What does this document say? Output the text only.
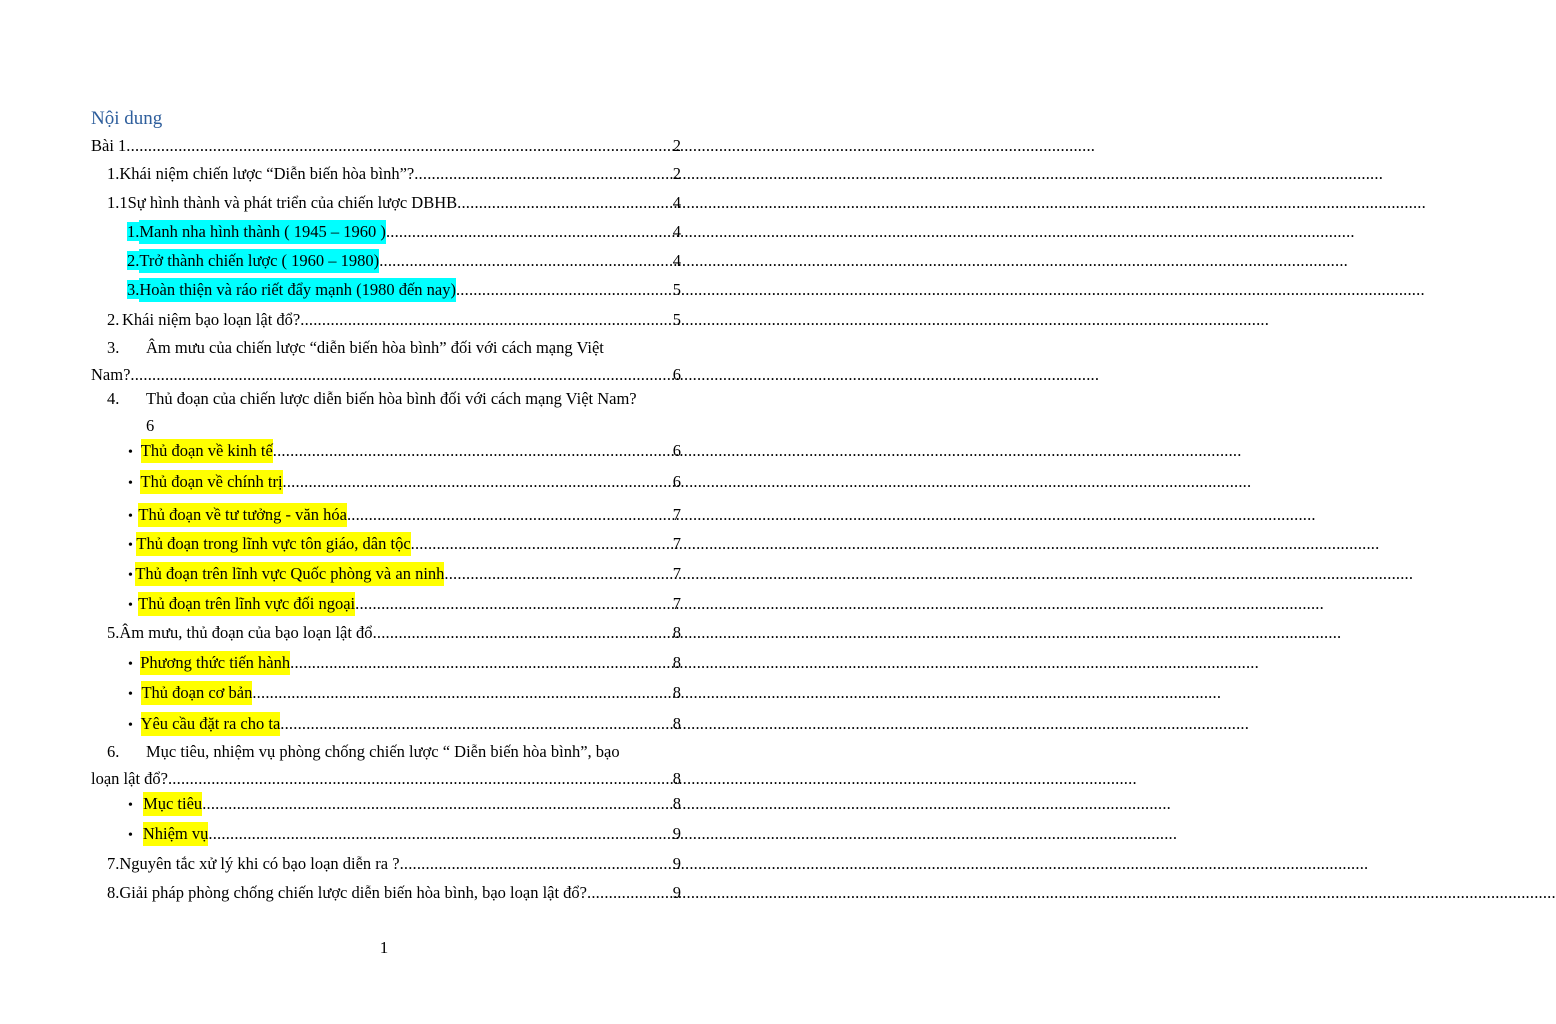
Nội dung
Bài 1 .....	2
1. Khái niệm chiến lược “Diễn biến hòa bình”? .....	2
1.1 Sự hình thành và phát triển của chiến lược DBHB .....	4
1. Manh nha hình thành ( 1945 – 1960 ) .....	4
2. Trở thành chiến lược ( 1960 – 1980) .....	4
3. Hoàn thiện và ráo riết đẩy mạnh (1980 đến nay) .....	5
2. Khái niệm bạo loạn lật đổ? .....	5
3.	Âm mưu của chiến lược “diễn biến hòa bình” đối với cách mạng Việt
Nam? .....	6
4.	Thủ đoạn của chiến lược diễn biến hòa bình đối với cách mạng Việt Nam?
6
• Thủ đoạn về kinh tế .....	6
• Thủ đoạn về chính trị .....	6
• Thủ đoạn về tư tưởng - văn hóa .....	7
• Thủ đoạn trong lĩnh vực tôn giáo, dân tộc .....	7
• Thủ đoạn trên lĩnh vực Quốc phòng và an ninh .....	7
• Thủ đoạn trên lĩnh vực đối ngoại .....	7
5. Âm mưu, thủ đoạn của bạo loạn lật đổ .....	8
• Phương thức tiến hành .....	8
• Thủ đoạn cơ bản .....	8
• Yêu cầu đặt ra cho ta .....	8
6.	Mục tiêu, nhiệm vụ phòng chống chiến lược “ Diễn biến hòa bình”, bạo
loạn lật đổ? .....	8
• Mục tiêu .....	8
• Nhiệm vụ .....	9
7. Nguyên tắc xử lý khi có bạo loạn diễn ra ? .....	9
8. Giải pháp phòng chống chiến lược diễn biến hòa bình, bạo loạn lật đổ? .....	9
1
